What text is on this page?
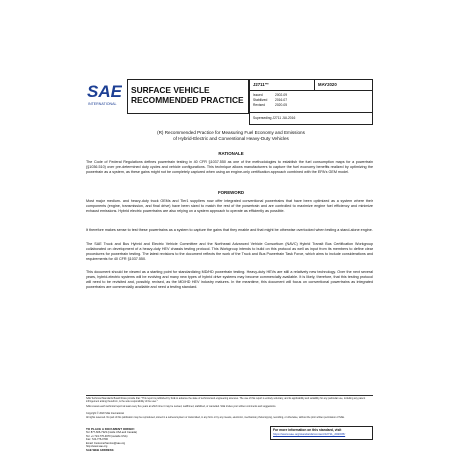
SAE
INTERNATIONAL
SURFACE VEHICLE
RECOMMENDED PRACTICE
J2711™	MAY2020
Issued	2002-09
Stabilized	2016-07
Revised	2020-05
Superseding J2711 JUL2016
(R) Recommended Practice for Measuring Fuel Economy and Emissions
of Hybrid-Electric and Conventional Heavy-Duty Vehicles
RATIONALE
The Code of Federal Regulations defines powertrain testing in 40 CFR §1037.550 as one of the methodologies to establish the fuel consumption maps for a powertrain (§1036.510) over pre-determined duty cycles and vehicle configurations. This technique allows manufacturers to capture the fuel economy benefits realized by optimizing the powertrain as a system, as these gains might not be completely captured when using an engine-only certification approach combined with the EPA's GEM model.
FOREWORD
Most major medium- and heavy-duty truck OEMs and Tier1 suppliers now offer integrated conventional powertrains that have been optimized as a system where their components (engine, transmission, and final drive) have been sized to match the rest of the powertrain and are controlled to maximize engine fuel efficiency and minimize exhaust emissions. Hybrid electric powertrains are also relying on a system approach to operate as efficiently as possible.
It therefore makes sense to test these powertrains as a system to capture the gains that they enable and that might be otherwise overlooked when testing a stand-alone engine.
The SAE Truck and Bus Hybrid and Electric Vehicle Committee and the Northeast Advanced Vehicle Consortium (NAVC) Hybrid Transit Bus Certification Workgroup collaborated on development of a heavy-duty HEV chassis testing protocol. This Workgroup intends to build on this protocol as well as input from its members to define clear procedures for powertrain testing. The latest revisions to the document reflects the work of the Truck and Bus Powertrain Task Force, which aims to include considerations and requirements for 40 CFR §1037.550.
This document should be viewed as a starting point for standardizing MD/HD powertrain testing. Heavy-duty HEVs are still a relatively new technology. Over the next several years, hybrid-electric systems will be evolving and many new types of hybrid drive systems may become commercially available. It is likely, therefore, that this testing protocol will need to be revisited and, possibly, revised, as the MD/HD HEV industry matures. In the meantime, this document will focus on conventional powertrains as integrated powertrains are commercially available and need a testing standard.
SAE Technical Standards Board Rules provide that: "This report is published by SAE to advance the state of technical and engineering sciences. The use of this report is entirely voluntary, and its applicability and suitability for any particular use, including any patent infringement arising therefrom, is the sole responsibility of the user."
SAE reviews each technical report at least every five years at which time it may be revised, reaffirmed, stabilized, or cancelled. SAE invites your written comments and suggestions.
Copyright © 2020 SAE International
All rights reserved. No part of this publication may be reproduced, stored in a retrieval system or transmitted, in any form or by any means, electronic, mechanical, photocopying, recording, or otherwise, without the prior written permission of SAE.
TO PLACE A DOCUMENT ORDER:
Tel: 877-606-7323 (inside USA and Canada)
Tel: +1 724-776-4970 (outside USA)
Fax: 724-776-0790
Email: CustomerService@sae.org
http://www.sae.org
For more information on this standard, visit
https://www.sae.org/standards/content/J2711_202005/
SAE WEB ADDRESS:
